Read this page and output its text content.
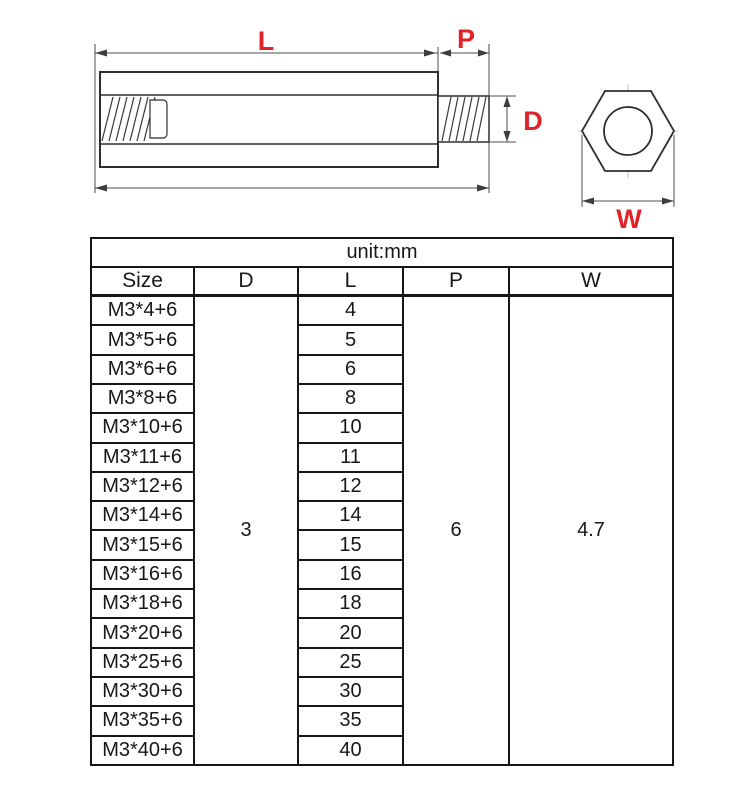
L	P
D
W
unit:mm				
Size	D	L	P	W
M3*4+6	3	4	6	4.7
M3*5+6		5		
M3*6+6		6		
M3*8+6		8		
M3*10+6		10		
M3*11+6		11		
M3*12+6		12		
M3*14+6		14		
M3*15+6		15		
M3*16+6		16		
M3*18+6		18		
M3*20+6		20		
M3*25+6		25		
M3*30+6		30		
M3*35+6		35		
M3*40+6		40		
